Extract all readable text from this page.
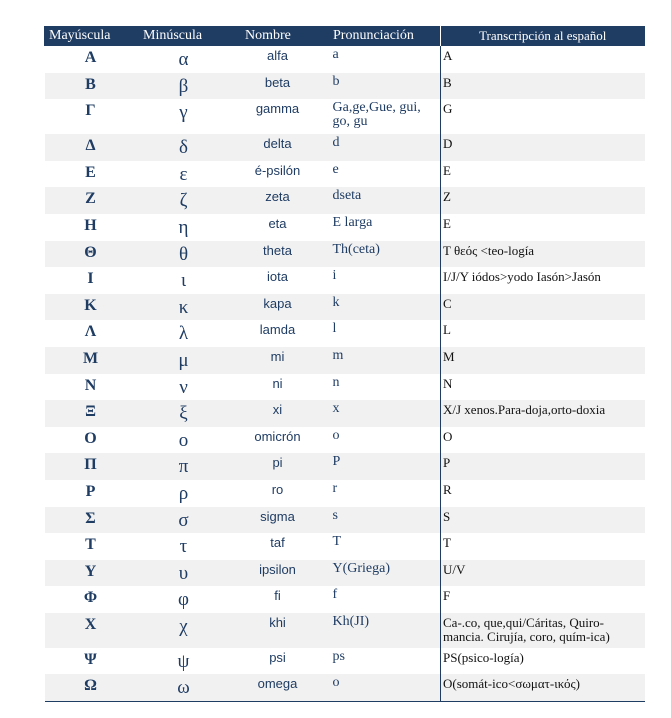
Mayúscula	Minúscula	Nombre	Pronunciación	Transcripción al español
Α	α	alfa	a	A
Β	β	beta	b	B
Γ	γ	gamma	Ga,ge,Gue, gui, go, gu	G
Δ	δ	delta	d	D
Ε	ε	é-psilón	e	E
Ζ	ζ	zeta	dseta	Z
Η	η	eta	E larga	E
Θ	θ	theta	Th(ceta)	T θεός <teo-logía
Ι	ι	iota	i	I/J/Y iódos>yodo Iasón>Jasón
Κ	κ	kapa	k	C
Λ	λ	lamda	l	L
Μ	μ	mi	m	M
Ν	ν	ni	n	N
Ξ	ξ	xi	x	X/J xenos.Para-doja,orto-doxia
Ο	ο	omicrón	o	O
Π	π	pi	P	P
Ρ	ρ	ro	r	R
Σ	σ	sigma	s	S
Τ	τ	taf	T	T
Υ	υ	ipsilon	Y(Griega)	U/V
Φ	φ	fi	f	F
Χ	χ	khi	Kh(JI)	Ca-.co, que,qui/Cáritas, Quiro-mancia. Cirujía, coro, quím-ica)
Ψ	ψ	psi	ps	PS(psico-logía)
Ω	ω	omega	o	O(somát-ico<σωματ-ικός)
